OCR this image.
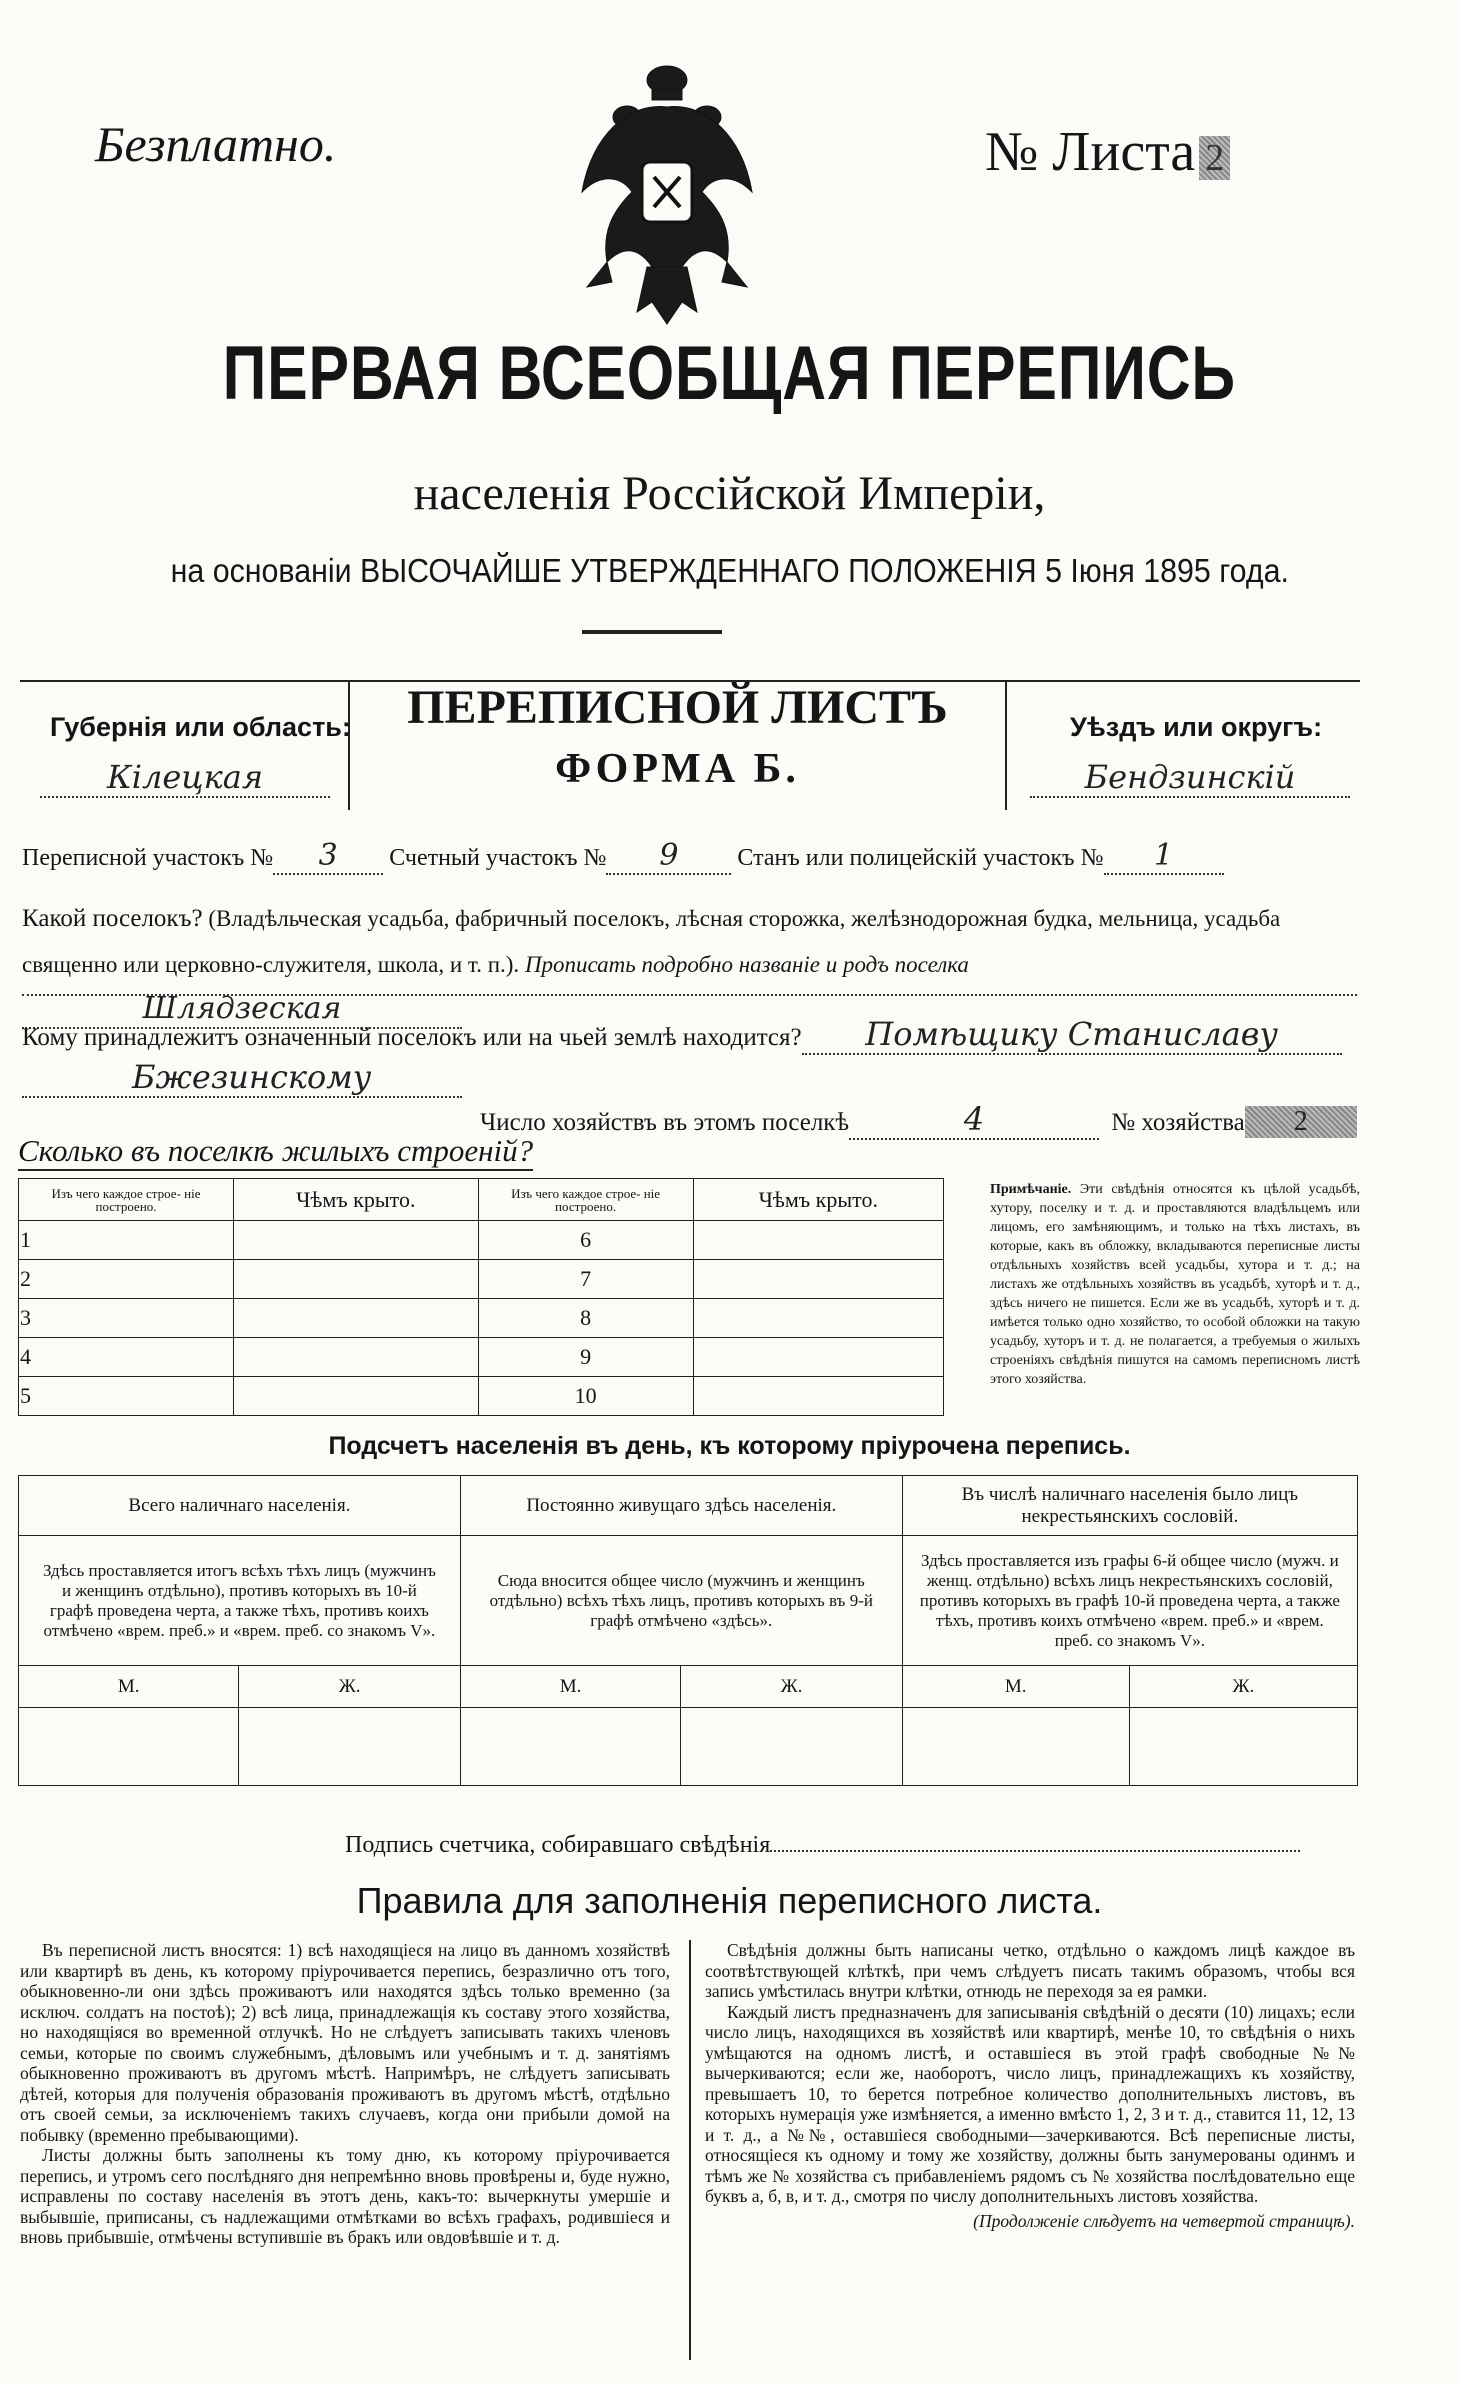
Безплатно.	№ Листа 2
ПЕРВАЯ ВСЕОБЩАЯ ПЕРЕПИСЬ
населенія Россійской Имперіи,
на основаніи ВЫСОЧАЙШЕ УТВЕРЖДЕННАГО ПОЛОЖЕНІЯ 5 Іюня 1895 года.
Губернія или область:
Кiлецкая
ПЕРЕПИСНОЙ ЛИСТЪ
ФОРМА Б.
Уѣздъ или округъ:
Бендзинскiй
Переписной участокъ № 3 Счетный участокъ № 9 Станъ или полицейскій участокъ № 1
Какой поселокъ? (Владѣльческая усадьба, фабричный поселокъ, лѣсная сторожка, желѣзнодорожная будка, мельница, усадьба священно или церковно-служителя, школа, и т. п.). Прописать подробно названіе и родъ поселкаШлядзеская
Кому принадлежитъ означенный поселокъ или на чьей землѣ находится? Помѣщику Станиславу
Бжезинскому
Число хозяйствъ въ этомъ поселкѣ	4	№ хозяйства 2
Сколько въ поселкѣ жилыхъ строеній?
Изъ чего каждое строе- ніе построено.	Чѣмъ крыто.	Изъ чего каждое строе- ніе построено.	Чѣмъ крыто.
1		6	
2		7	
3		8	
4		9	
5		10	
Примѣчаніе. Эти свѣдѣнія относятся къ цѣлой усадьбѣ, хутору, поселку и т. д. и проставляются владѣльцемъ или лицомъ, его замѣняющимъ, и только на тѣхъ листахъ, въ которые, какъ въ обложку, вкладываются переписные листы отдѣльныхъ хозяйствъ всей усадьбы, хутора и т. д.; на листахъ же отдѣльныхъ хозяйствъ въ усадьбѣ, хуторѣ и т. д., здѣсь ничего не пишется. Если же въ усадьбѣ, хуторѣ и т. д. имѣется только одно хозяйство, то особой обложки на такую усадьбу, хуторъ и т. д. не полагается, а требуемыя о жилыхъ строеніяхъ свѣдѣнія пишутся на самомъ переписномъ листѣ этого хозяйства.
Подсчетъ населенія въ день, къ которому пріурочена перепись.
Всего наличнаго населенія.		Постоянно живущаго здѣсь населенія.		Въ числѣ наличнаго населенія было лицъ некрестьянскихъ сословій.	
Здѣсь проставляется итогъ всѣхъ тѣхъ лицъ (мужчинъ и женщинъ отдѣльно), противъ которыхъ въ 10-й графѣ проведена черта, а также тѣхъ, противъ коихъ отмѣчено «врем. преб.» и «врем. преб. со знакомъ V».		Сюда вносится общее число (мужчинъ и женщинъ отдѣльно) всѣхъ тѣхъ лицъ, противъ которыхъ въ 9-й графѣ отмѣчено «здѣсь».		Здѣсь проставляется изъ графы 6-й общее число (мужч. и женщ. отдѣльно) всѣхъ лицъ некрестьянскихъ сословій, противъ которыхъ въ графѣ 10-й проведена черта, а также тѣхъ, противъ коихъ отмѣчено «врем. преб.» и «врем. преб. со знакомъ V».	
М.	Ж.	М.	Ж.	М.	Ж.

Подпись счетчика, собиравшаго свѣдѣнія
Правила для заполненія переписного листа.

Въ переписной листъ вносятся: 1) всѣ находящіеся на лицо въ данномъ хозяйствѣ или квартирѣ въ день, къ которому пріурочивается перепись, безразлично отъ того, обыкновенно-ли они здѣсь проживаютъ или находятся здѣсь только временно (за исключ. солдатъ на постоѣ); 2) всѣ лица, принадлежащія къ составу этого хозяйства, но находящіяся во временной отлучкѣ. Но не слѣдуетъ записывать такихъ членовъ семьи, которые по своимъ служебнымъ, дѣловымъ или учебнымъ и т. д. занятіямъ обыкновенно проживаютъ въ другомъ мѣстѣ. Напримѣръ, не слѣдуетъ записывать дѣтей, которыя для полученія образованія проживаютъ въ другомъ мѣстѣ, отдѣльно отъ своей семьи, за исключеніемъ такихъ случаевъ, когда они прибыли домой на побывку (временно пребывающими).

Листы должны быть заполнены къ тому дню, къ которому пріурочивается перепись, и утромъ сего послѣдняго дня непремѣнно вновь провѣрены и, буде нужно, исправлены по составу населенія въ этотъ день, какъ-то: вычеркнуты умершіе и выбывшіе, приписаны, съ надлежащими отмѣтками во всѣхъ графахъ, родившіеся и вновь прибывшіе, отмѣчены вступившіе въ бракъ или овдовѣвшіе и т. д.

Свѣдѣнія должны быть написаны четко, отдѣльно о каждомъ лицѣ каждое въ соотвѣтствующей клѣткѣ, при чемъ слѣдуетъ писать такимъ образомъ, чтобы вся запись умѣстилась внутри клѣтки, отнюдь не переходя за ея рамки.

Каждый листъ предназначенъ для записыванія свѣдѣній о десяти (10) лицахъ; если число лицъ, находящихся въ хозяйствѣ или квартирѣ, менѣе 10, то свѣдѣнія о нихъ умѣщаются на одномъ листѣ, и оставшіеся въ этой графѣ свободные №№ вычеркиваются; если же, наоборотъ, число лицъ, принадлежащихъ къ хозяйству, превышаетъ 10, то берется потребное количество дополнительныхъ листовъ, въ которыхъ нумерація уже измѣняется, а именно вмѣсто 1, 2, 3 и т. д., ставится 11, 12, 13 и т. д., а №№, оставшіеся свободными—зачеркиваются. Всѣ переписные листы, относящіеся къ одному и тому же хозяйству, должны быть занумерованы одинмъ и тѣмъ же № хозяйства съ прибавленіемъ рядомъ съ № хозяйства послѣдовательно еще буквъ а, б, в, и т. д., смотря по числу дополнительныхъ листовъ хозяйства.

(Продолженіе слѣдуетъ на четвертой страницѣ).
